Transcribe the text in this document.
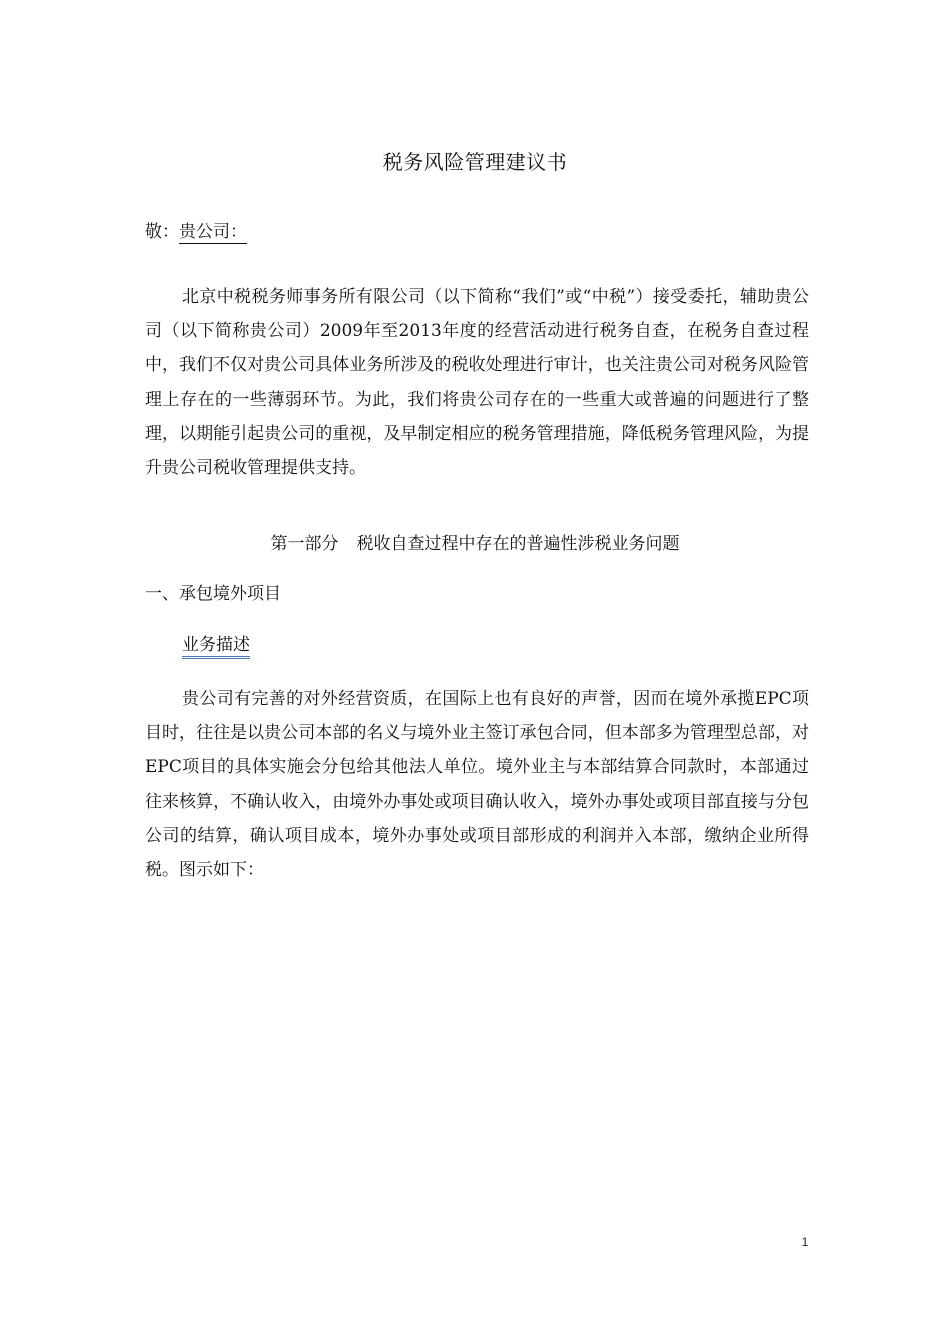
税务风险管理建议书
敬：贵公司：

北京中税税务师事务所有限公司（以下简称“我们”或“中税”）接受委托，辅助贵公司（以下简称贵公司）2009年至2013年度的经营活动进行税务自查，在税务自查过程中，我们不仅对贵公司具体业务所涉及的税收处理进行审计，也关注贵公司对税务风险管理上存在的一些薄弱环节。为此，我们将贵公司存在的一些重大或普遍的问题进行了整理，以期能引起贵公司的重视，及早制定相应的税务管理措施，降低税务管理风险，为提升贵公司税收管理提供支持。

第一部分 税收自查过程中存在的普遍性涉税业务问题
一、承包境外项目
业务描述

贵公司有完善的对外经营资质，在国际上也有良好的声誉，因而在境外承揽EPC项目时，往往是以贵公司本部的名义与境外业主签订承包合同，但本部多为管理型总部，对EPC项目的具体实施会分包给其他法人单位。境外业主与本部结算合同款时，本部通过往来核算，不确认收入，由境外办事处或项目确认收入，境外办事处或项目部直接与分包公司的结算，确认项目成本，境外办事处或项目部形成的利润并入本部，缴纳企业所得税。图示如下：

1
